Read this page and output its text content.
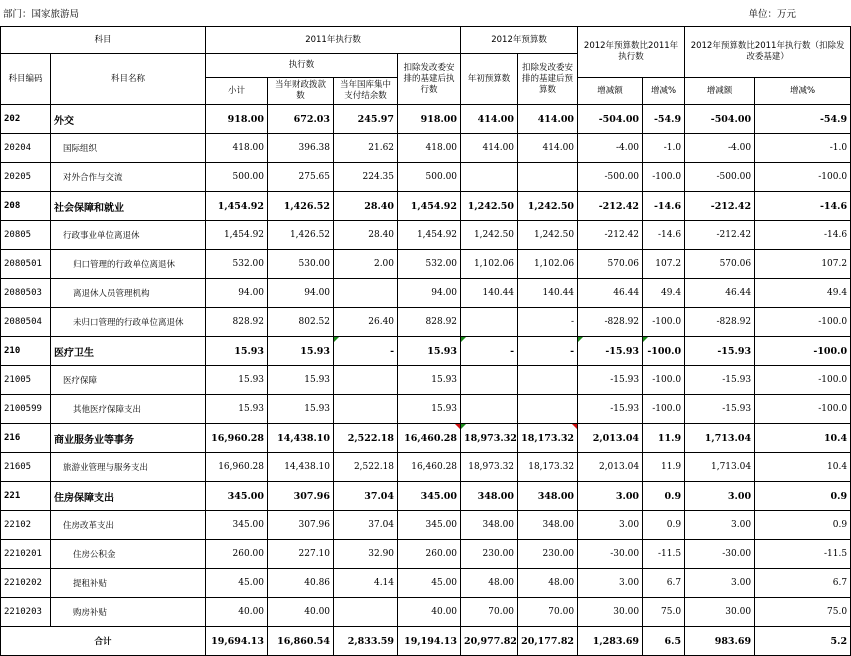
部门：国家旅游局	单位：万元
科目		2011年执行数				2012年预算数		2012年预算数比2011年执行数		2012年预算数比2011年执行数（扣除发改委基建）	
科目编码	科目名称	执行数			扣除发改委安排的基建后执行数	年初预算数	扣除发改委安排的基建后预算数				
		小计	当年财政拨款数	当年国库集中支付结余数				增减额	增减%	增减额	增减%
202	外交	918.00	672.03	245.97	918.00	414.00	414.00	-504.00	-54.9	-504.00	-54.9
20204	国际组织	418.00	396.38	21.62	418.00	414.00	414.00	-4.00	-1.0	-4.00	-1.0
20205	对外合作与交流	500.00	275.65	224.35	500.00			-500.00	-100.0	-500.00	-100.0
208	社会保障和就业	1,454.92	1,426.52	28.40	1,454.92	1,242.50	1,242.50	-212.42	-14.6	-212.42	-14.6
20805	行政事业单位离退休	1,454.92	1,426.52	28.40	1,454.92	1,242.50	1,242.50	-212.42	-14.6	-212.42	-14.6
2080501	归口管理的行政单位离退休	532.00	530.00	2.00	532.00	1,102.06	1,102.06	570.06	107.2	570.06	107.2
2080503	离退休人员管理机构	94.00	94.00		94.00	140.44	140.44	46.44	49.4	46.44	49.4
2080504	未归口管理的行政单位离退休	828.92	802.52	26.40	828.92		-	-828.92	-100.0	-828.92	-100.0
210	医疗卫生	15.93	15.93	-	15.93	-	-	-15.93	-100.0	-15.93	-100.0
21005	医疗保障	15.93	15.93		15.93			-15.93	-100.0	-15.93	-100.0
2100599	其他医疗保障支出	15.93	15.93		15.93			-15.93	-100.0	-15.93	-100.0
216	商业服务业等事务	16,960.28	14,438.10	2,522.18	16,460.28	18,973.32	18,173.32	2,013.04	11.9	1,713.04	10.4
21605	旅游业管理与服务支出	16,960.28	14,438.10	2,522.18	16,460.28	18,973.32	18,173.32	2,013.04	11.9	1,713.04	10.4
221	住房保障支出	345.00	307.96	37.04	345.00	348.00	348.00	3.00	0.9	3.00	0.9
22102	住房改革支出	345.00	307.96	37.04	345.00	348.00	348.00	3.00	0.9	3.00	0.9
2210201	住房公积金	260.00	227.10	32.90	260.00	230.00	230.00	-30.00	-11.5	-30.00	-11.5
2210202	提租补贴	45.00	40.86	4.14	45.00	48.00	48.00	3.00	6.7	3.00	6.7
2210203	购房补贴	40.00	40.00		40.00	70.00	70.00	30.00	75.0	30.00	75.0
合计		19,694.13	16,860.54	2,833.59	19,194.13	20,977.82	20,177.82	1,283.69	6.5	983.69	5.2
